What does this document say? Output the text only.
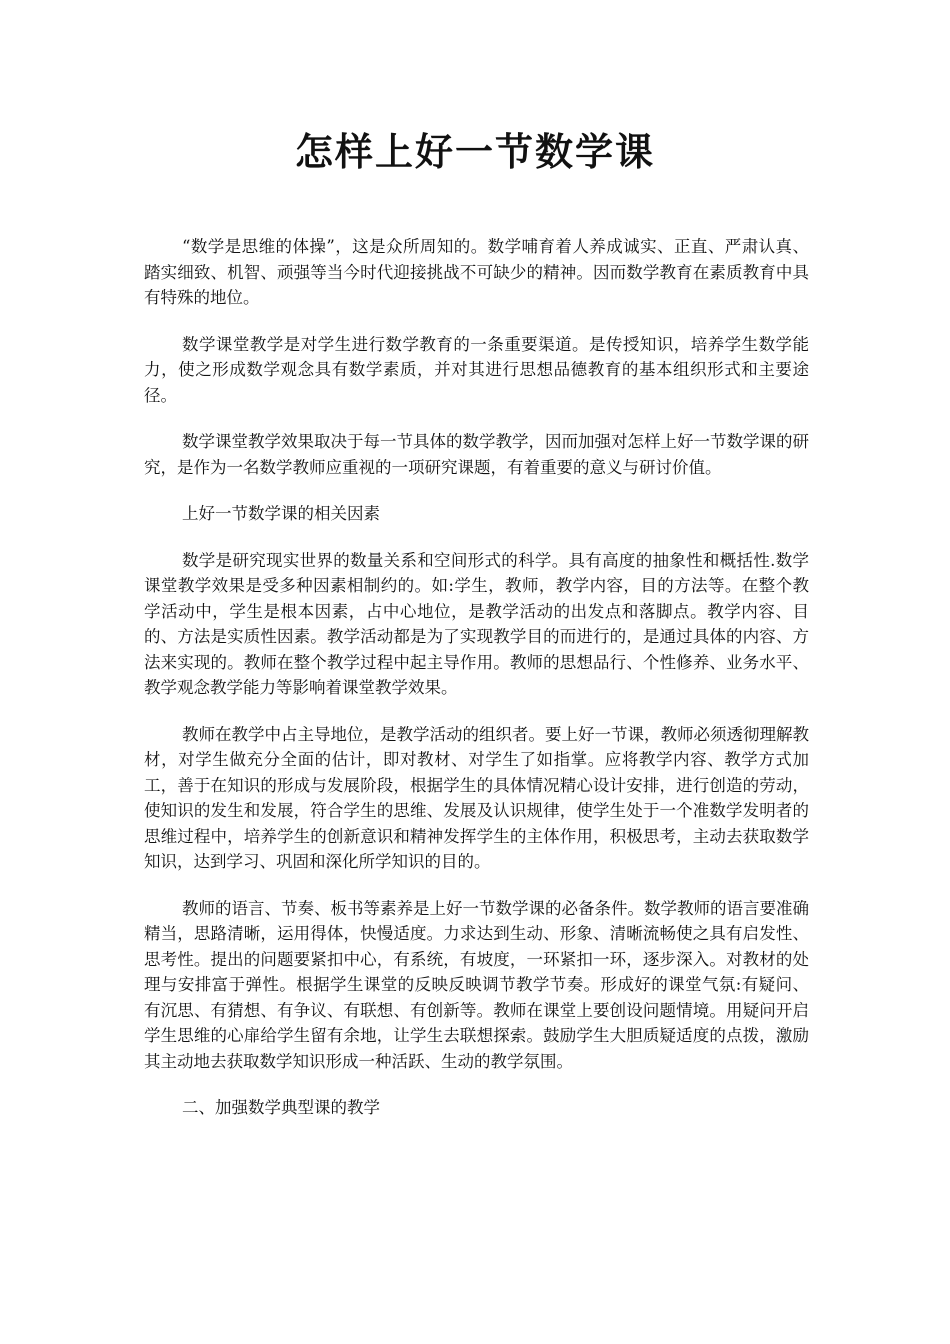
怎样上好一节数学课

“数学是思维的体操”，这是众所周知的。数学哺育着人养成诚实、正直、严肃认真、踏实细致、机智、顽强等当今时代迎接挑战不可缺少的精神。因而数学教育在素质教育中具有特殊的地位。

数学课堂教学是对学生进行数学教育的一条重要渠道。是传授知识，培养学生数学能力，使之形成数学观念具有数学素质，并对其进行思想品德教育的基本组织形式和主要途径。

数学课堂教学效果取决于每一节具体的数学教学，因而加强对怎样上好一节数学课的研究，是作为一名数学教师应重视的一项研究课题，有着重要的意义与研讨价值。

上好一节数学课的相关因素

数学是研究现实世界的数量关系和空间形式的科学。具有高度的抽象性和概括性.数学课堂教学效果是受多种因素相制约的。如:学生，教师，教学内容，目的方法等。在整个教学活动中，学生是根本因素，占中心地位，是教学活动的出发点和落脚点。教学内容、目的、方法是实质性因素。教学活动都是为了实现教学目的而进行的，是通过具体的内容、方法来实现的。教师在整个教学过程中起主导作用。教师的思想品行、个性修养、业务水平、教学观念教学能力等影响着课堂教学效果。

教师在教学中占主导地位，是教学活动的组织者。要上好一节课，教师必须透彻理解教材，对学生做充分全面的估计，即对教材、对学生了如指掌。应将教学内容、教学方式加工，善于在知识的形成与发展阶段，根据学生的具体情况精心设计安排，进行创造的劳动，使知识的发生和发展，符合学生的思维、发展及认识规律，使学生处于一个准数学发明者的思维过程中，培养学生的创新意识和精神发挥学生的主体作用，积极思考，主动去获取数学知识，达到学习、巩固和深化所学知识的目的。

教师的语言、节奏、板书等素养是上好一节数学课的必备条件。数学教师的语言要准确精当，思路清晰，运用得体，快慢适度。力求达到生动、形象、清晰流畅使之具有启发性、思考性。提出的问题要紧扣中心，有系统，有坡度，一环紧扣一环，逐步深入。对教材的处理与安排富于弹性。根据学生课堂的反映反映调节教学节奏。形成好的课堂气氛:有疑问、有沉思、有猜想、有争议、有联想、有创新等。教师在课堂上要创设问题情境。用疑问开启学生思维的心扉给学生留有余地，让学生去联想探索。鼓励学生大胆质疑适度的点拨，激励其主动地去获取数学知识形成一种活跃、生动的教学氛围。

二、加强数学典型课的教学
